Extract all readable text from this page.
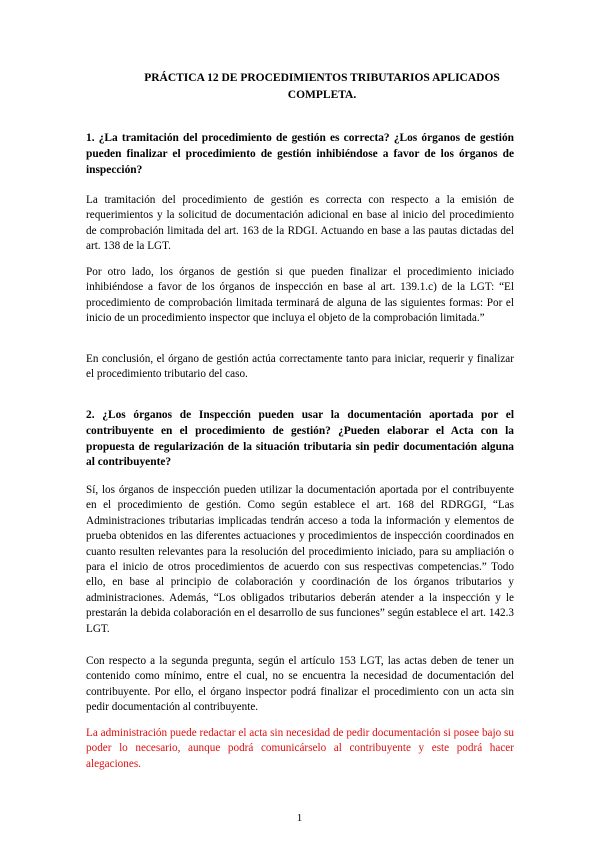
PRÁCTICA 12 DE PROCEDIMIENTOS TRIBUTARIOS APLICADOS
COMPLETA.
1. ¿La tramitación del procedimiento de gestión es correcta? ¿Los órganos de gestión pueden finalizar el procedimiento de gestión inhibiéndose a favor de los órganos de inspección?
La tramitación del procedimiento de gestión es correcta con respecto a la emisión de requerimientos y la solicitud de documentación adicional en base al inicio del procedimiento de comprobación limitada del art. 163 de la RDGI. Actuando en base a las pautas dictadas del art. 138 de la LGT.
Por otro lado, los órganos de gestión si que pueden finalizar el procedimiento iniciado inhibiéndose a favor de los órganos de inspección en base al art. 139.1.c) de la LGT: “El procedimiento de comprobación limitada terminará de alguna de las siguientes formas: Por el inicio de un procedimiento inspector que incluya el objeto de la comprobación limitada.”
En conclusión, el órgano de gestión actúa correctamente tanto para iniciar, requerir y finalizar el procedimiento tributario del caso.
2. ¿Los órganos de Inspección pueden usar la documentación aportada por el contribuyente en el procedimiento de gestión? ¿Pueden elaborar el Acta con la propuesta de regularización de la situación tributaria sin pedir documentación alguna al contribuyente?
Sí, los órganos de inspección pueden utilizar la documentación aportada por el contribuyente en el procedimiento de gestión. Como según establece el art. 168 del RDRGGI, “Las Administraciones tributarias implicadas tendrán acceso a toda la información y elementos de prueba obtenidos en las diferentes actuaciones y procedimientos de inspección coordinados en cuanto resulten relevantes para la resolución del procedimiento iniciado, para su ampliación o para el inicio de otros procedimientos de acuerdo con sus respectivas competencias.” Todo ello, en base al principio de colaboración y coordinación de los órganos tributarios y administraciones. Además, “Los obligados tributarios deberán atender a la inspección y le prestarán la debida colaboración en el desarrollo de sus funciones” según establece el art. 142.3 LGT.
Con respecto a la segunda pregunta, según el artículo 153 LGT, las actas deben de tener un contenido como mínimo, entre el cual, no se encuentra la necesidad de documentación del contribuyente. Por ello, el órgano inspector podrá finalizar el procedimiento con un acta sin pedir documentación al contribuyente.
La administración puede redactar el acta sin necesidad de pedir documentación si posee bajo su poder lo necesario, aunque podrá comunicárselo al contribuyente y este podrá hacer alegaciones.
1
